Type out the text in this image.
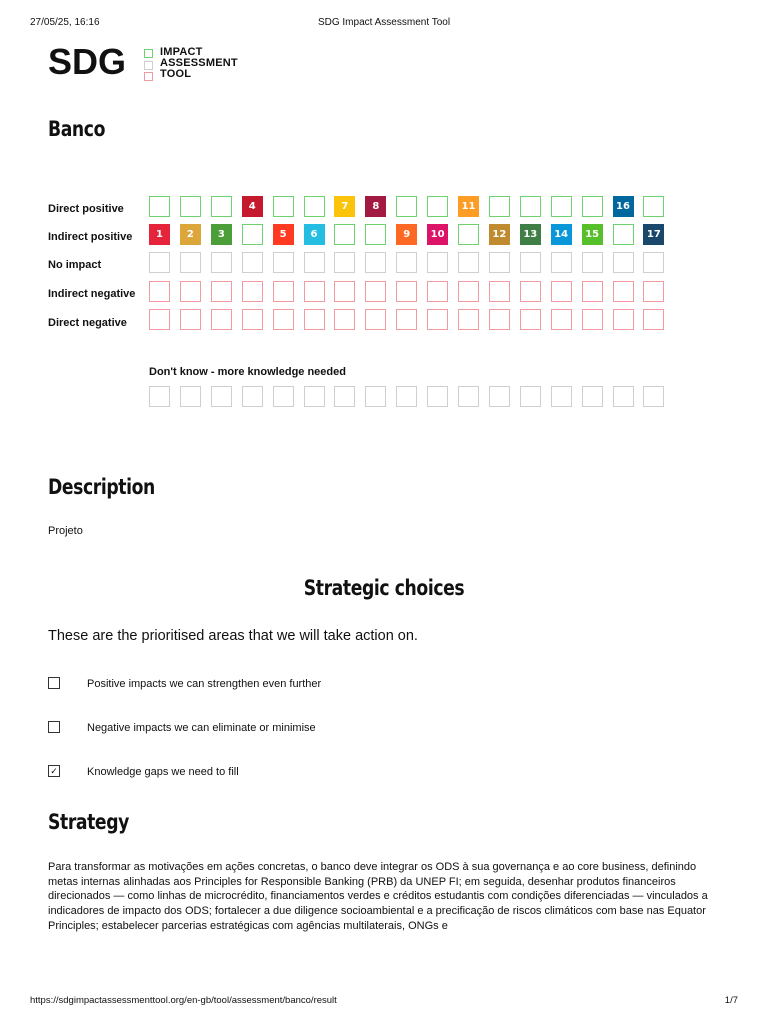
27/05/25, 16:16	SDG Impact Assessment Tool
SDG	IMPACT
ASSESSMENT
TOOL
Banco
Direct positive	4	7	8	11	16
Indirect positive	1	2	3	5	6	9	10	12	13	14	15	17
No impact
Indirect negative
Direct negative
Don't know - more knowledge needed
Description
Projeto
Strategic choices
These are the prioritised areas that we will take action on.
Positive impacts we can strengthen even further
Negative impacts we can eliminate or minimise
✓	Knowledge gaps we need to fill
Strategy
Para transformar as motivações em ações concretas, o banco deve integrar os ODS à sua governança e ao core business, definindo metas internas alinhadas aos Principles for Responsible Banking (PRB) da UNEP FI; em seguida, desenhar produtos financeiros direcionados — como linhas de microcrédito, financiamentos verdes e créditos estudantis com condições diferenciadas — vinculados a indicadores de impacto dos ODS; fortalecer a due diligence socioambiental e a precificação de riscos climáticos com base nas Equator Principles; estabelecer parcerias estratégicas com agências multilaterais, ONGs e
https://sdgimpactassessmenttool.org/en-gb/tool/assessment/banco/result	1/7
